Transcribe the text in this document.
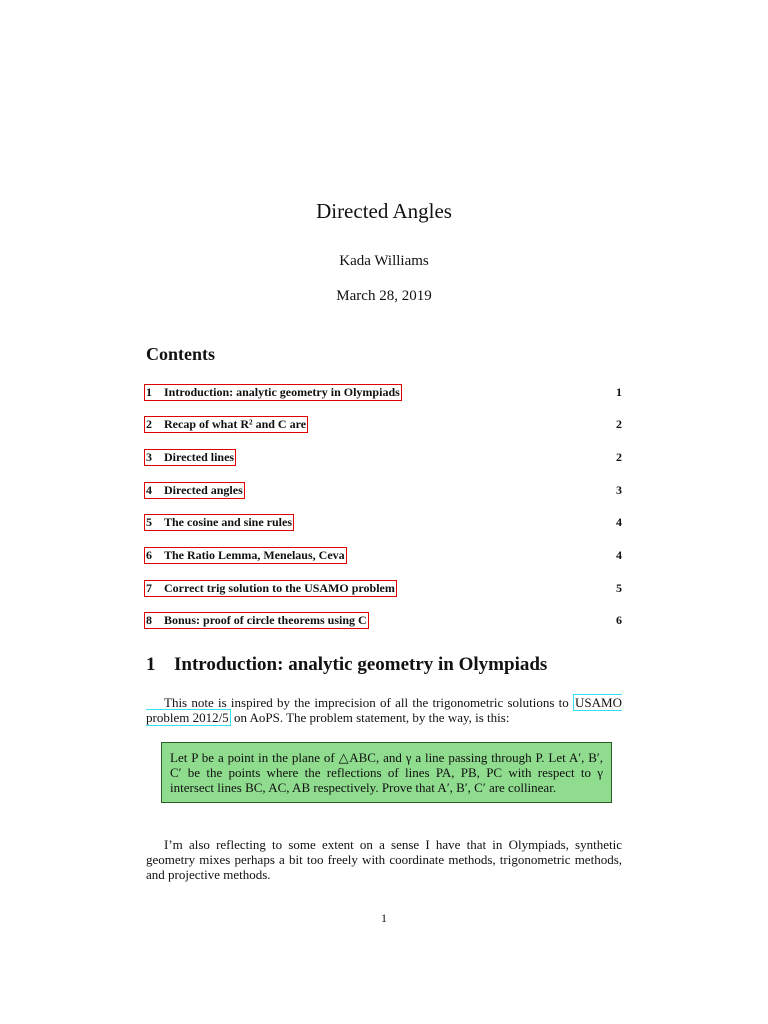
Directed Angles
Kada Williams
March 28, 2019
Contents
1 Introduction: analytic geometry in Olympiads	1
2 Recap of what R² and C are	2
3 Directed lines	2
4 Directed angles	3
5 The cosine and sine rules	4
6 The Ratio Lemma, Menelaus, Ceva	4
7 Correct trig solution to the USAMO problem	5
8 Bonus: proof of circle theorems using C	6
1 Introduction: analytic geometry in Olympiads
This note is inspired by the imprecision of all the trigonometric solutions to USAMO problem 2012/5 on AoPS. The problem statement, by the way, is this:
Let P be a point in the plane of △ABC, and γ a line passing through P. Let A′, B′, C′ be the points where the reflections of lines PA, PB, PC with respect to γ intersect lines BC, AC, AB respectively. Prove that A′, B′, C′ are collinear.
I’m also reflecting to some extent on a sense I have that in Olympiads, synthetic geometry mixes perhaps a bit too freely with coordinate methods, trigonometric methods, and projective methods.
1
